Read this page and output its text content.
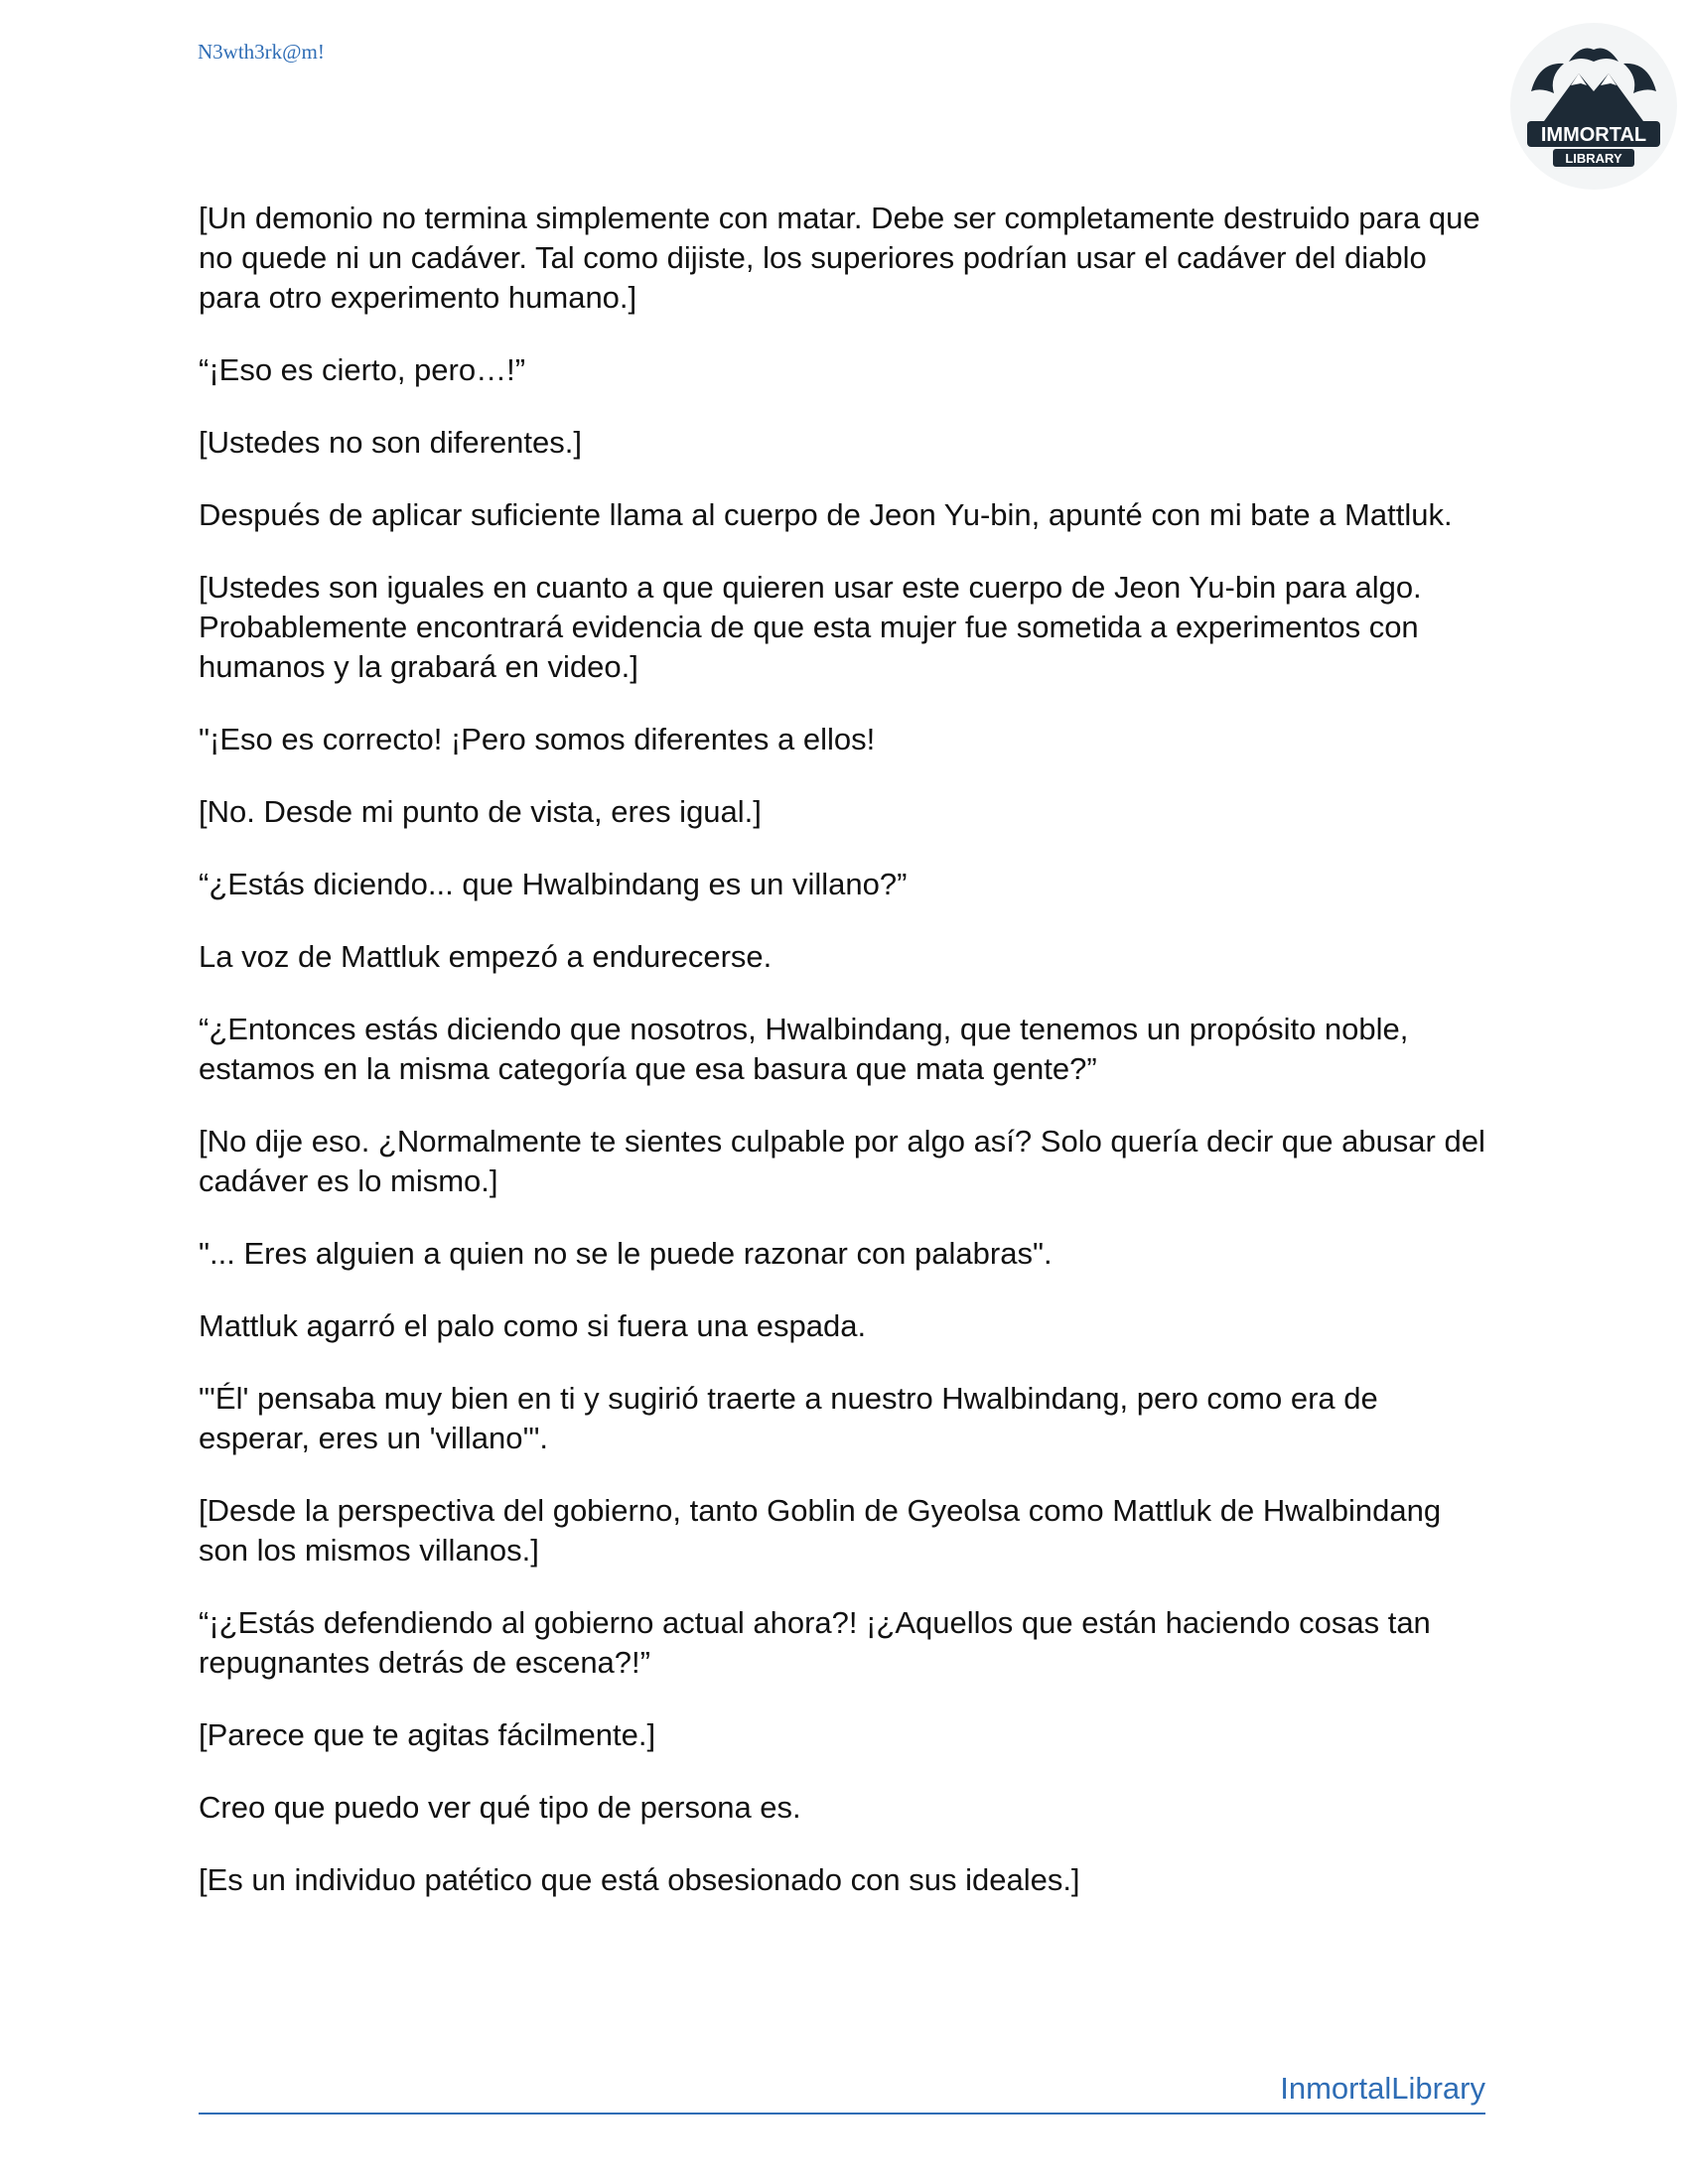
N3wth3rk@m!
IMMORTAL
LIBRARY

[Un demonio no termina simplemente con matar. Debe ser completamente destruido para que no quede ni un cadáver. Tal como dijiste, los superiores podrían usar el cadáver del diablo para otro experimento humano.]

“¡Eso es cierto, pero…!”

[Ustedes no son diferentes.]

Después de aplicar suficiente llama al cuerpo de Jeon Yu-bin, apunté con mi bate a Mattluk.

[Ustedes son iguales en cuanto a que quieren usar este cuerpo de Jeon Yu-bin para algo. Probablemente encontrará evidencia de que esta mujer fue sometida a experimentos con humanos y la grabará en video.]

"¡Eso es correcto! ¡Pero somos diferentes a ellos!

[No. Desde mi punto de vista, eres igual.]

“¿Estás diciendo... que Hwalbindang es un villano?”

La voz de Mattluk empezó a endurecerse.

“¿Entonces estás diciendo que nosotros, Hwalbindang, que tenemos un propósito noble, estamos en la misma categoría que esa basura que mata gente?”

[No dije eso. ¿Normalmente te sientes culpable por algo así? Solo quería decir que abusar del cadáver es lo mismo.]

"... Eres alguien a quien no se le puede razonar con palabras".

Mattluk agarró el palo como si fuera una espada.

"'Él' pensaba muy bien en ti y sugirió traerte a nuestro Hwalbindang, pero como era de esperar, eres un 'villano'".

[Desde la perspectiva del gobierno, tanto Goblin de Gyeolsa como Mattluk de Hwalbindang son los mismos villanos.]

“¡¿Estás defendiendo al gobierno actual ahora?! ¡¿Aquellos que están haciendo cosas tan repugnantes detrás de escena?!”

[Parece que te agitas fácilmente.]

Creo que puedo ver qué tipo de persona es.

[Es un individuo patético que está obsesionado con sus ideales.]

InmortalLibrary
